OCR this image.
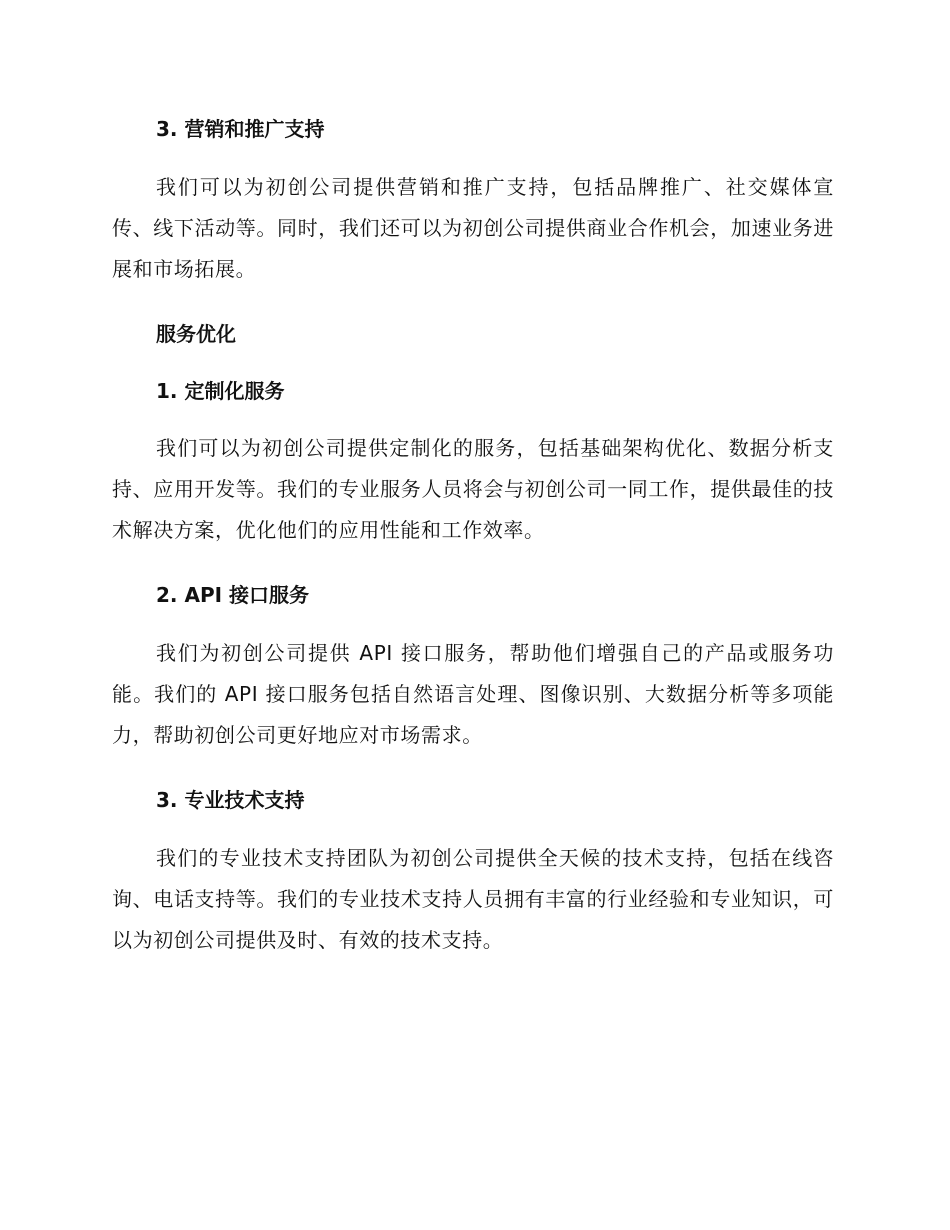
3. 营销和推广支持
我们可以为初创公司提供营销和推广支持，包括品牌推广、社交媒体宣传、线下活动等。同时，我们还可以为初创公司提供商业合作机会，加速业务进展和市场拓展。
服务优化
1. 定制化服务
我们可以为初创公司提供定制化的服务，包括基础架构优化、数据分析支持、应用开发等。我们的专业服务人员将会与初创公司一同工作，提供最佳的技术解决方案，优化他们的应用性能和工作效率。
2. API 接口服务
我们为初创公司提供 API 接口服务，帮助他们增强自己的产品或服务功能。我们的 API 接口服务包括自然语言处理、图像识别、大数据分析等多项能力，帮助初创公司更好地应对市场需求。
3. 专业技术支持
我们的专业技术支持团队为初创公司提供全天候的技术支持，包括在线咨询、电话支持等。我们的专业技术支持人员拥有丰富的行业经验和专业知识，可以为初创公司提供及时、有效的技术支持。
